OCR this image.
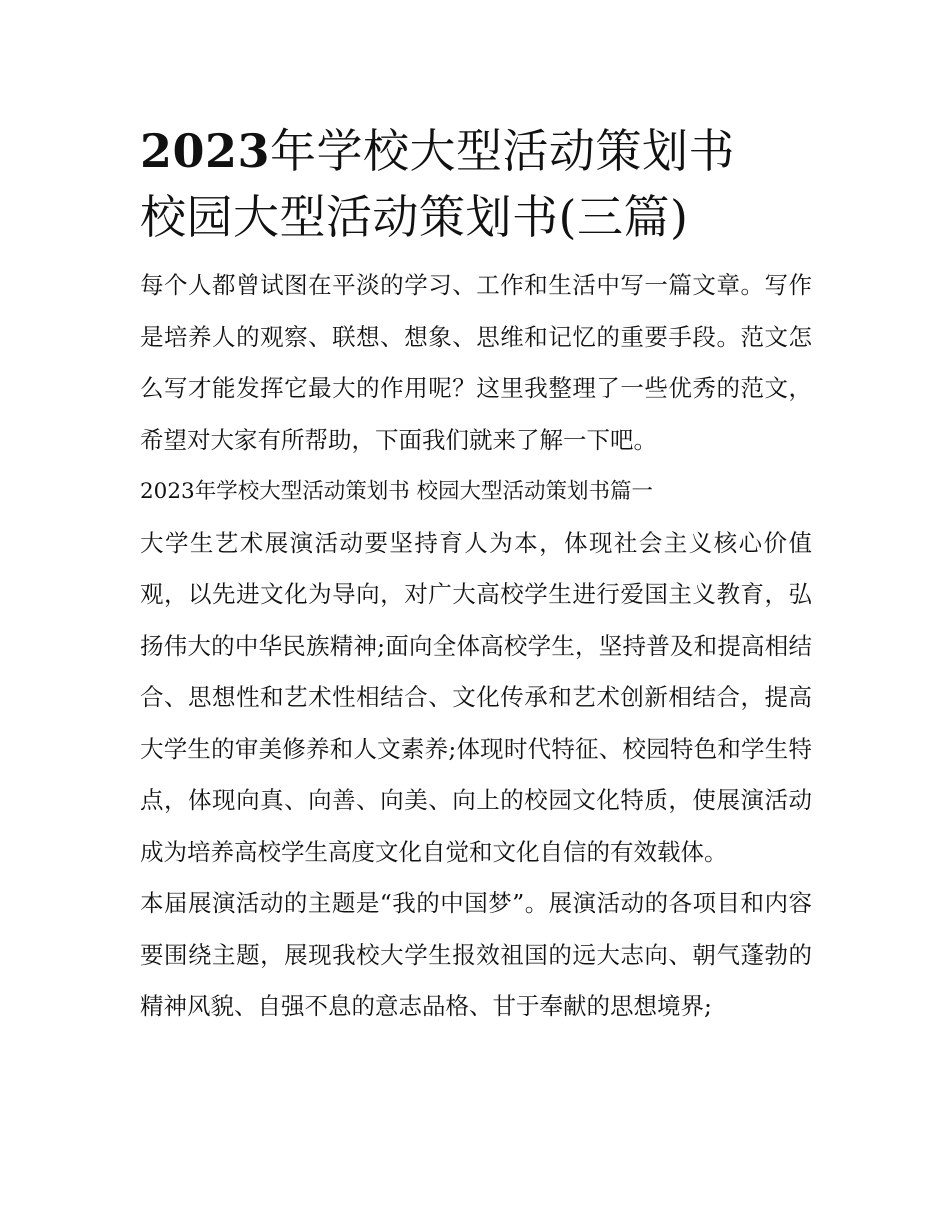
2023年学校大型活动策划书
校园大型活动策划书(三篇)

每个人都曾试图在平淡的学习、工作和生活中写一篇文章。写作是培养人的观察、联想、想象、思维和记忆的重要手段。范文怎么写才能发挥它最大的作用呢？这里我整理了一些优秀的范文，希望对大家有所帮助，下面我们就来了解一下吧。

2023年学校大型活动策划书 校园大型活动策划书篇一

大学生艺术展演活动要坚持育人为本，体现社会主义核心价值观，以先进文化为导向，对广大高校学生进行爱国主义教育，弘扬伟大的中华民族精神;面向全体高校学生，坚持普及和提高相结合、思想性和艺术性相结合、文化传承和艺术创新相结合，提高大学生的审美修养和人文素养;体现时代特征、校园特色和学生特点，体现向真、向善、向美、向上的校园文化特质，使展演活动成为培养高校学生高度文化自觉和文化自信的有效载体。

本届展演活动的主题是“我的中国梦”。展演活动的各项目和内容要围绕主题，展现我校大学生报效祖国的远大志向、朝气蓬勃的精神风貌、自强不息的意志品格、甘于奉献的思想境界;
